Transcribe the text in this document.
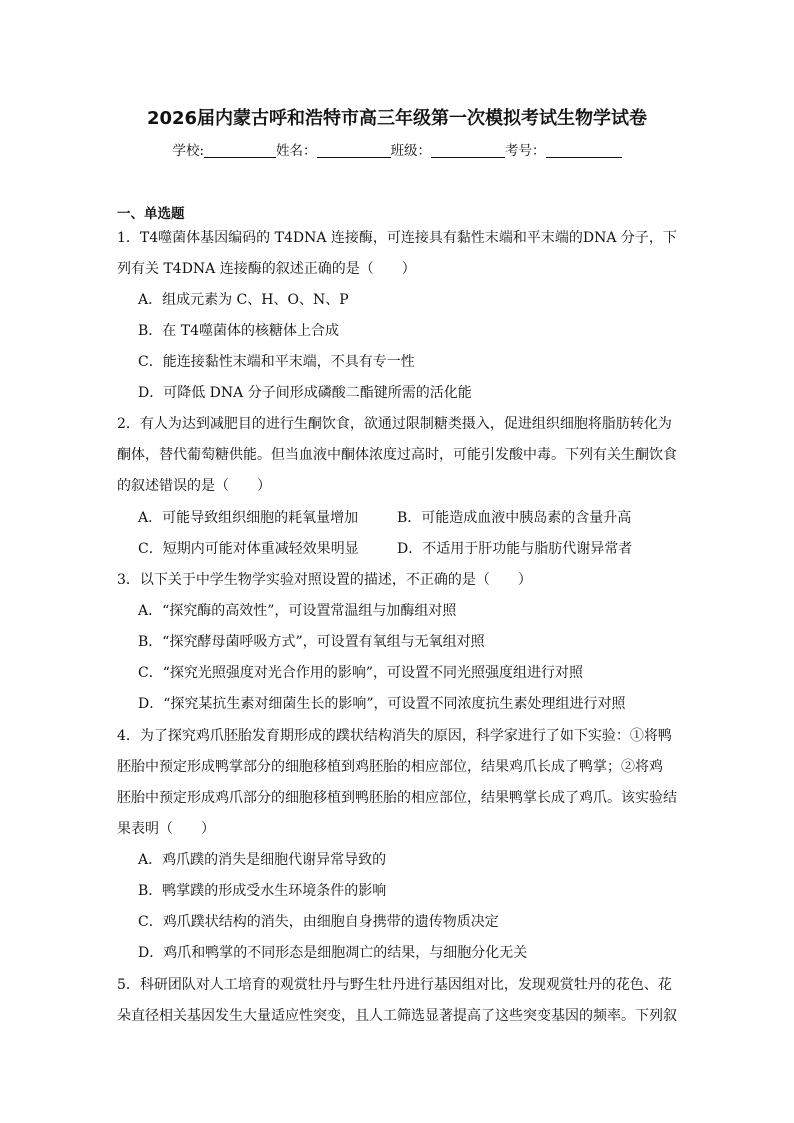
2026届内蒙古呼和浩特市高三年级第一次模拟考试生物学试卷
学校:	姓名：	班级：	考号：
一、单选题
1．T4噬菌体基因编码的 T4DNA 连接酶，可连接具有黏性末端和平末端的DNA 分子，下
列有关 T4DNA 连接酶的叙述正确的是（　　）
A．组成元素为 C、H、O、N、P
B．在 T4噬菌体的核糖体上合成
C．能连接黏性末端和平末端，不具有专一性
D．可降低 DNA 分子间形成磷酸二酯键所需的活化能
2．有人为达到减肥目的进行生酮饮食，欲通过限制糖类摄入，促进组织细胞将脂肪转化为
酮体，替代葡萄糖供能。但当血液中酮体浓度过高时，可能引发酸中毒。下列有关生酮饮食
的叙述错误的是（　　）
A．可能导致组织细胞的耗氧量增加	B．可能造成血液中胰岛素的含量升高
C．短期内可能对体重减轻效果明显	D．不适用于肝功能与脂肪代谢异常者
3．以下关于中学生物学实验对照设置的描述，不正确的是（　　）
A．“探究酶的高效性”，可设置常温组与加酶组对照
B．“探究酵母菌呼吸方式”，可设置有氧组与无氧组对照
C．“探究光照强度对光合作用的影响”，可设置不同光照强度组进行对照
D．“探究某抗生素对细菌生长的影响”，可设置不同浓度抗生素处理组进行对照
4．为了探究鸡爪胚胎发育期形成的蹼状结构消失的原因，科学家进行了如下实验：①将鸭
胚胎中预定形成鸭掌部分的细胞移植到鸡胚胎的相应部位，结果鸡爪长成了鸭掌；②将鸡
胚胎中预定形成鸡爪部分的细胞移植到鸭胚胎的相应部位，结果鸭掌长成了鸡爪。该实验结
果表明（　　）
A．鸡爪蹼的消失是细胞代谢异常导致的
B．鸭掌蹼的形成受水生环境条件的影响
C．鸡爪蹼状结构的消失，由细胞自身携带的遗传物质决定
D．鸡爪和鸭掌的不同形态是细胞凋亡的结果，与细胞分化无关
5．科研团队对人工培育的观赏牡丹与野生牡丹进行基因组对比，发现观赏牡丹的花色、花
朵直径相关基因发生大量适应性突变，且人工筛选显著提高了这些突变基因的频率。下列叙
